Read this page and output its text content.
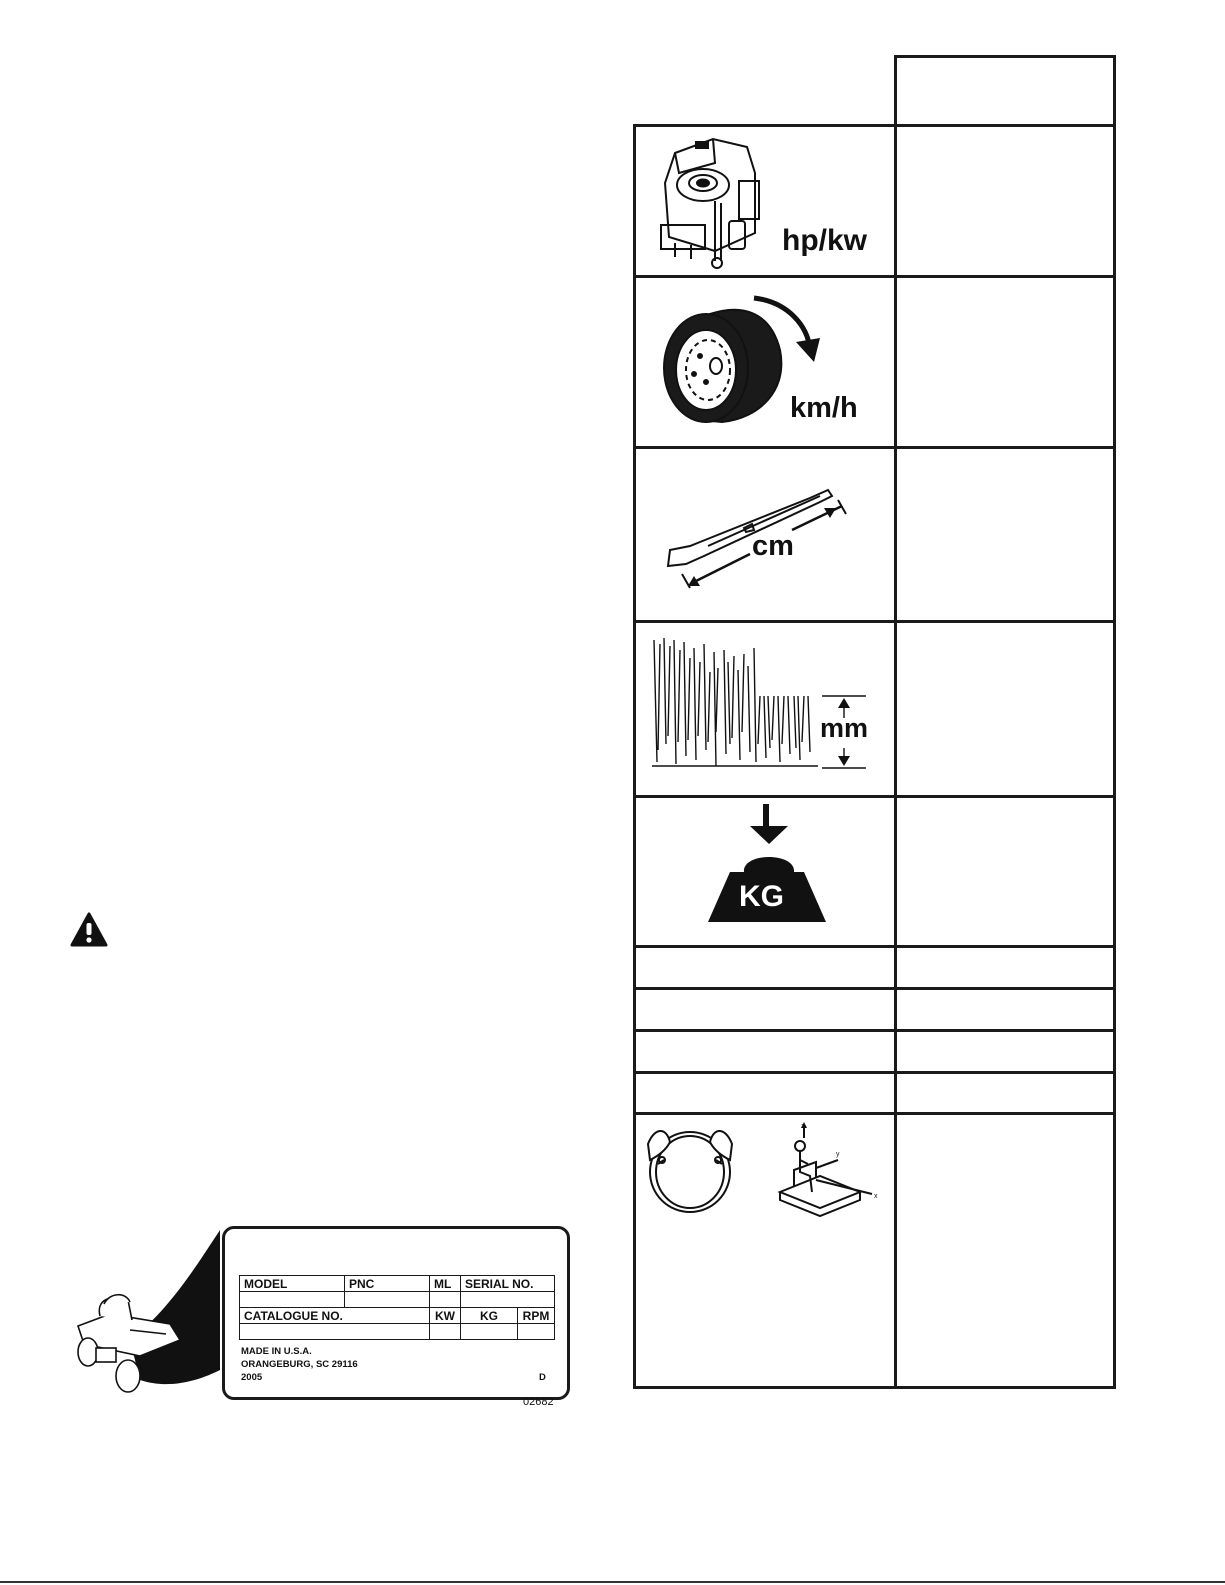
hp/kw
km/h
cm
mm
KG
z
y
x
MODEL	PNC	ML	SERIAL NO.	

CATALOGUE NO.		KW	KG	RPM

MADE IN U.S.A.
ORANGEBURG, SC 29116
2005	D
02682
